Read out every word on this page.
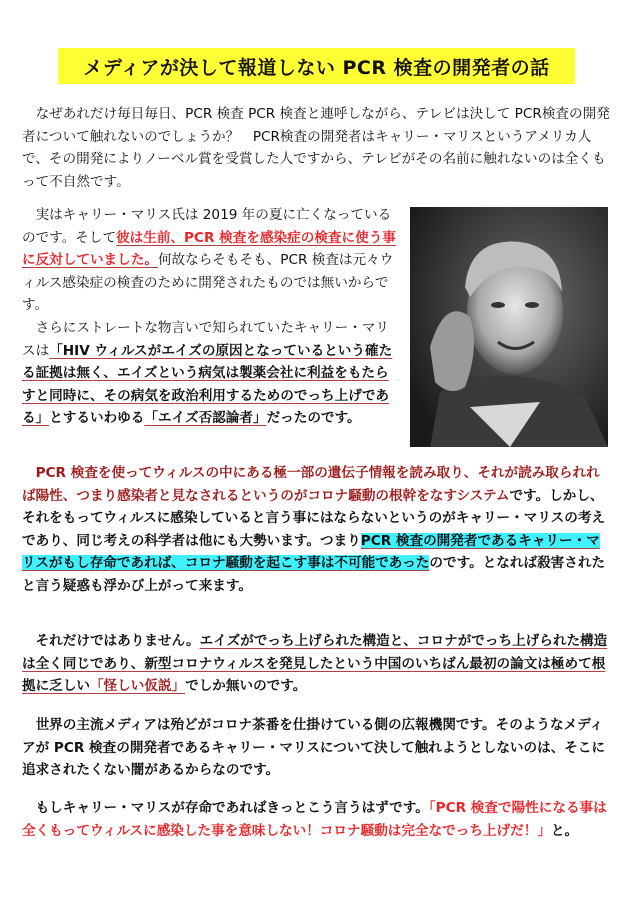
メディアが決して報道しない PCR 検査の開発者の話

　なぜあれだけ毎日毎日、PCR 検査 PCR 検査と連呼しながら、テレビは決して PCR検査の開発者について触れないのでしょうか？　PCR検査の開発者はキャリー・マリスというアメリカ人で、その開発によりノーベル賞を受賞した人ですから、テレビがその名前に触れないのは全くもって不自然です。

　実はキャリー・マリス氏は 2019 年の夏に亡くなっているのです。そして彼は生前、PCR 検査を感染症の検査に使う事に反対していました。何故ならそもそも、PCR 検査は元々ウィルス感染症の検査のために開発されたものでは無いからです。

　さらにストレートな物言いで知られていたキャリー・マリスは「HIV ウィルスがエイズの原因となっているという確たる証拠は無く、エイズという病気は製薬会社に利益をもたらすと同時に、その病気を政治利用するためのでっち上げである」とするいわゆる「エイズ否認論者」だったのです。

　PCR 検査を使ってウィルスの中にある極一部の遺伝子情報を読み取り、それが読み取られれば陽性、つまり感染者と見なされるというのがコロナ騒動の根幹をなすシステムです。しかし、それをもってウィルスに感染していると言う事にはならないというのがキャリー・マリスの考えであり、同じ考えの科学者は他にも大勢います。つまりPCR 検査の開発者であるキャリー・マリスがもし存命であれば、コロナ騒動を起こす事は不可能であったのです。となれば殺害されたと言う疑惑も浮かび上がって来ます。

　それだけではありません。エイズがでっち上げられた構造と、コロナがでっち上げられた構造は全く同じであり、新型コロナウィルスを発見したという中国のいちばん最初の論文は極めて根拠に乏しい「怪しい仮説」でしか無いのです。

　世界の主流メディアは殆どがコロナ茶番を仕掛けている側の広報機関です。そのようなメディアが PCR 検査の開発者であるキャリー・マリスについて決して触れようとしないのは、そこに追求されたくない闇があるからなのです。

　もしキャリー・マリスが存命であればきっとこう言うはずです。「PCR 検査で陽性になる事は全くもってウィルスに感染した事を意味しない！コロナ騒動は完全なでっち上げだ！」と。
